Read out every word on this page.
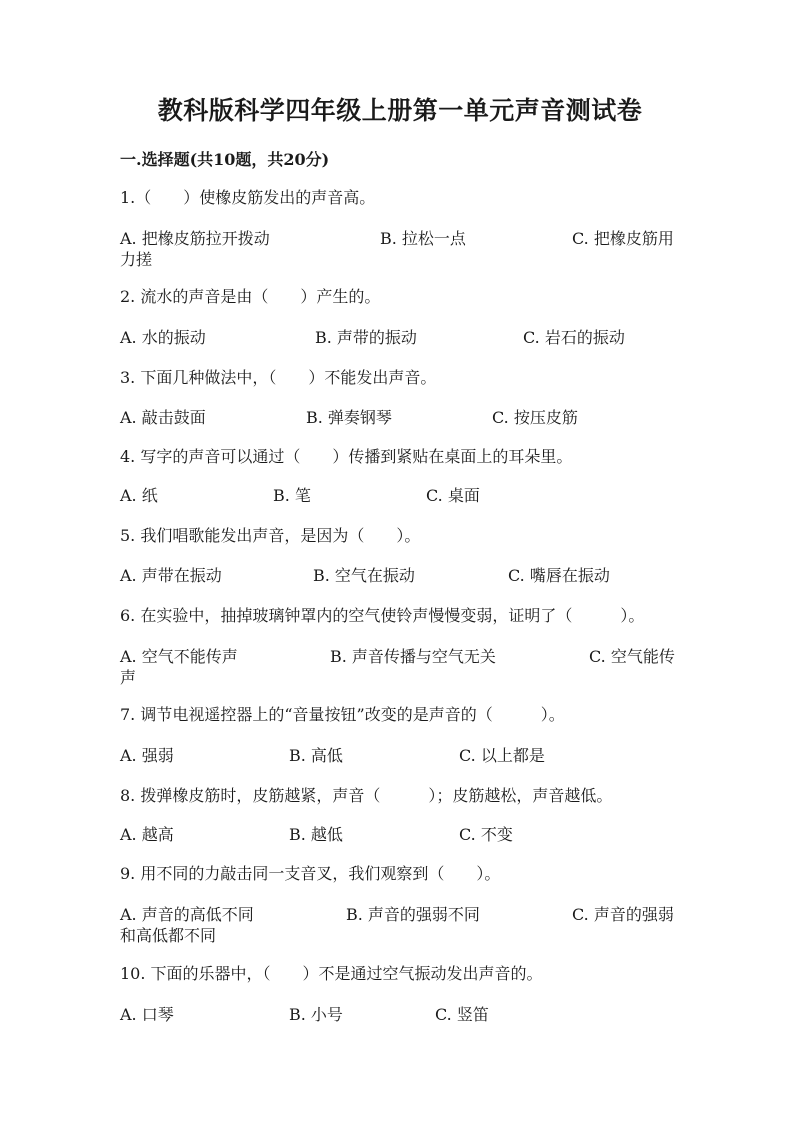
教科版科学四年级上册第一单元声音测试卷
一.选择题(共10题，共20分)
1.（　　）使橡皮筋发出的声音高。
A. 把橡皮筋拉开拨动	B. 拉松一点	C. 把橡皮筋用
力搓
2. 流水的声音是由（　　）产生的。
A. 水的振动	B. 声带的振动	C. 岩石的振动
3. 下面几种做法中，（　　）不能发出声音。
A. 敲击鼓面	B. 弹奏钢琴	C. 按压皮筋
4. 写字的声音可以通过（　　）传播到紧贴在桌面上的耳朵里。
A. 纸	B. 笔	C. 桌面
5. 我们唱歌能发出声音，是因为（　　）。
A. 声带在振动	B. 空气在振动	C. 嘴唇在振动
6. 在实验中，抽掉玻璃钟罩内的空气使铃声慢慢变弱，证明了（　　　）。
A. 空气不能传声	B. 声音传播与空气无关	C. 空气能传
声
7. 调节电视遥控器上的“音量按钮”改变的是声音的（　　　）。
A. 强弱	B. 高低	C. 以上都是
8. 拨弹橡皮筋时，皮筋越紧，声音（　　　）；皮筋越松，声音越低。
A. 越高	B. 越低	C. 不变
9. 用不同的力敲击同一支音叉，我们观察到（　　）。
A. 声音的高低不同	B. 声音的强弱不同	C. 声音的强弱
和高低都不同
10. 下面的乐器中，（　　）不是通过空气振动发出声音的。
A. 口琴	B. 小号	C. 竖笛
